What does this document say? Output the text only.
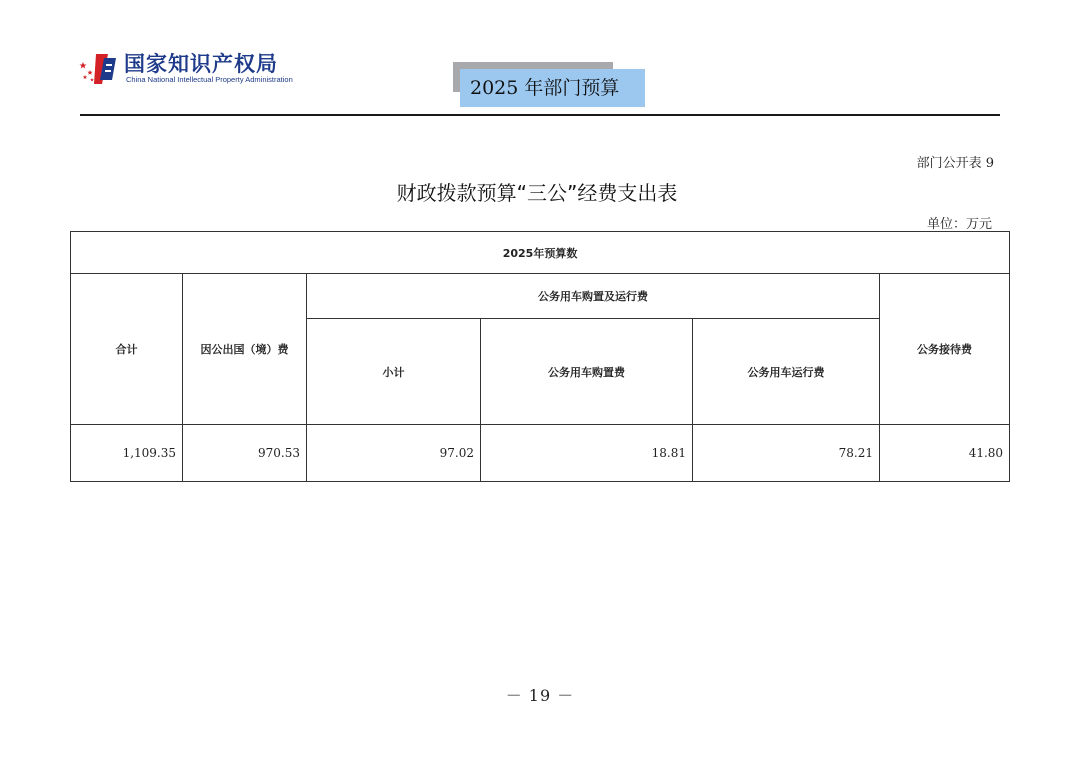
国家知识产权局
China National Intellectual Property Administration	2025 年部门预算
部门公开表 9
财政拨款预算“三公”经费支出表
单位：万元
2025年预算数					
合计	因公出国（境）费	公务用车购置及运行费			公务接待费
		小计	公务用车购置费	公务用车运行费	
1,109.35	970.53	97.02	18.81	78.21	41.80
－ 19 －
